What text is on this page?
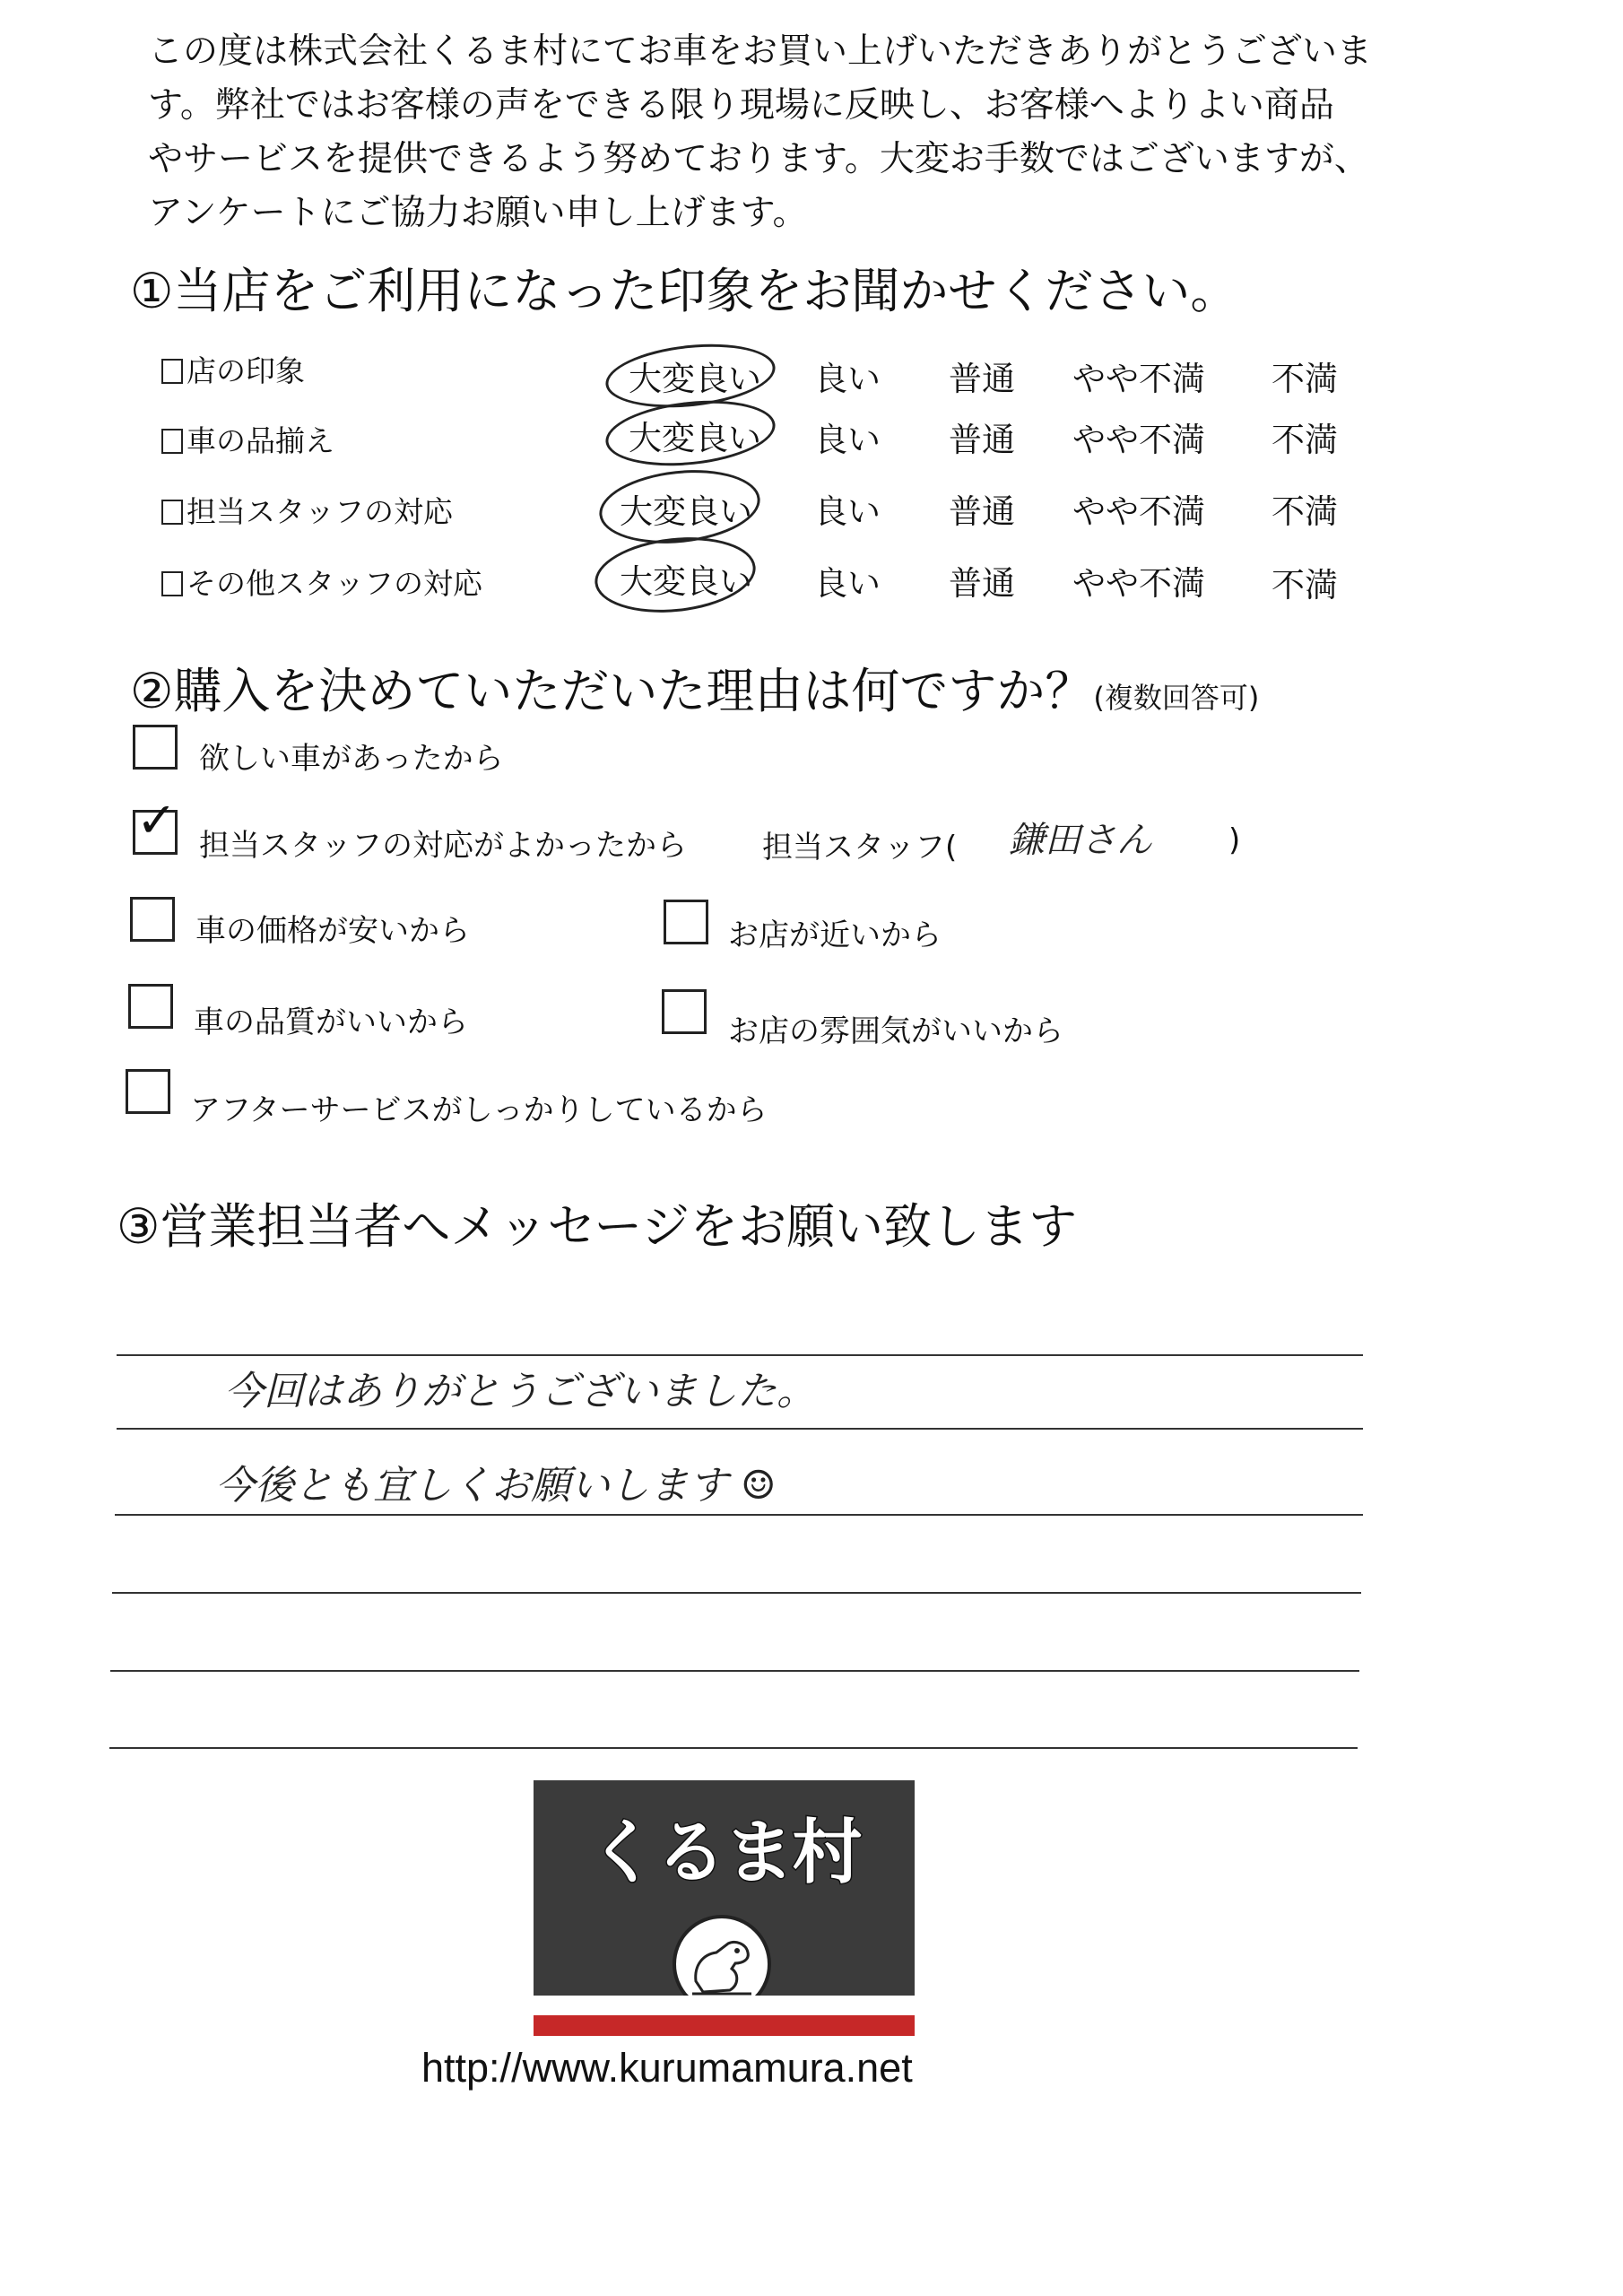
この度は株式会社くるま村にてお車をお買い上げいただきありがとうございま

す。弊社ではお客様の声をできる限り現場に反映し、お客様へよりよい商品

やサービスを提供できるよう努めております。大変お手数ではございますが、

アンケートにご協力お願い申し上げます。

①当店をご利用になった印象をお聞かせください。
店の印象	大変良い 良い	普通	やや不満	不満
車の品揃え	大変良い 良い	普通	やや不満	不満
担当スタッフの対応	大変良い 良い	普通	やや不満	不満
その他スタッフの対応	大変良い 良い	普通	やや不満	不満
②購入を決めていただいた理由は何ですか？(複数回答可)
欲しい車があったから
✓ 担当スタッフの対応がよかったから 担当スタッフ( 鎌田さん	)
車の価格が安いから	お店が近いから
車の品質がいいから	お店の雰囲気がいいから
アフターサービスがしっかりしているから
③営業担当者へメッセージをお願い致します
今回はありがとうございました。
今後とも宜しくお願いします ☺
くるま村
http://www.kurumamura.net
